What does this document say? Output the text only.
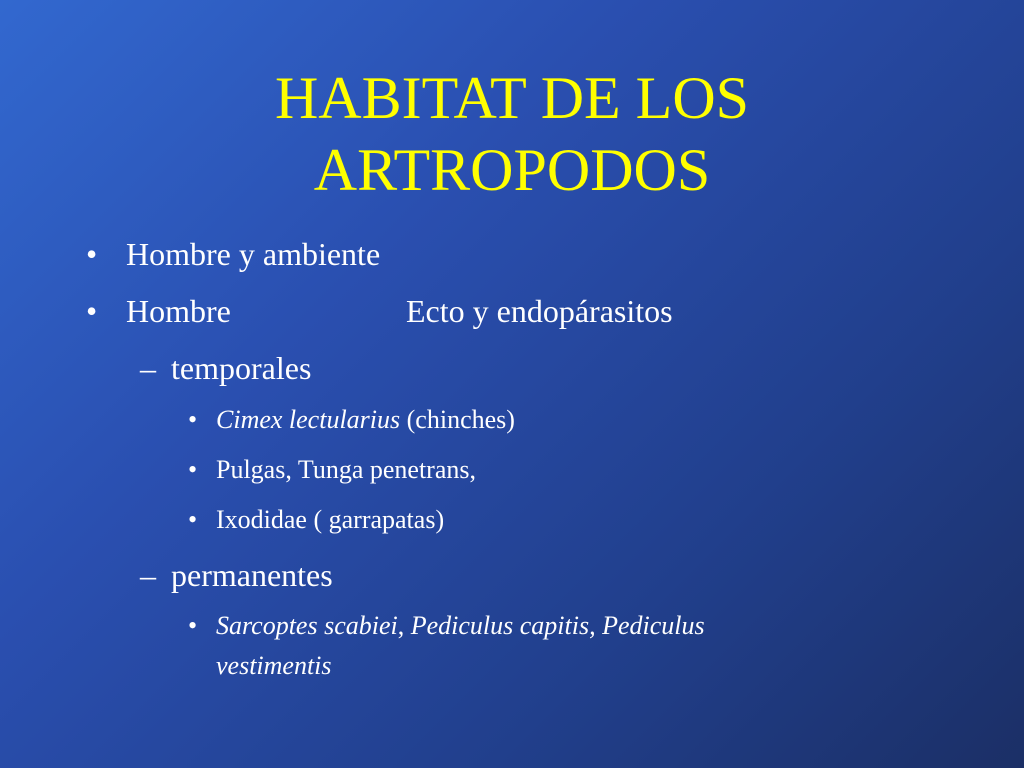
HABITAT DE LOS
ARTROPODOS
• Hombre y ambiente
• Hombre	Ecto y endopárasitos
– temporales
• Cimex lectularius (chinches)
• Pulgas, Tunga penetrans,
• Ixodidae ( garrapatas)
– permanentes
• Sarcoptes scabiei, Pediculus capitis, Pediculus
vestimentis
